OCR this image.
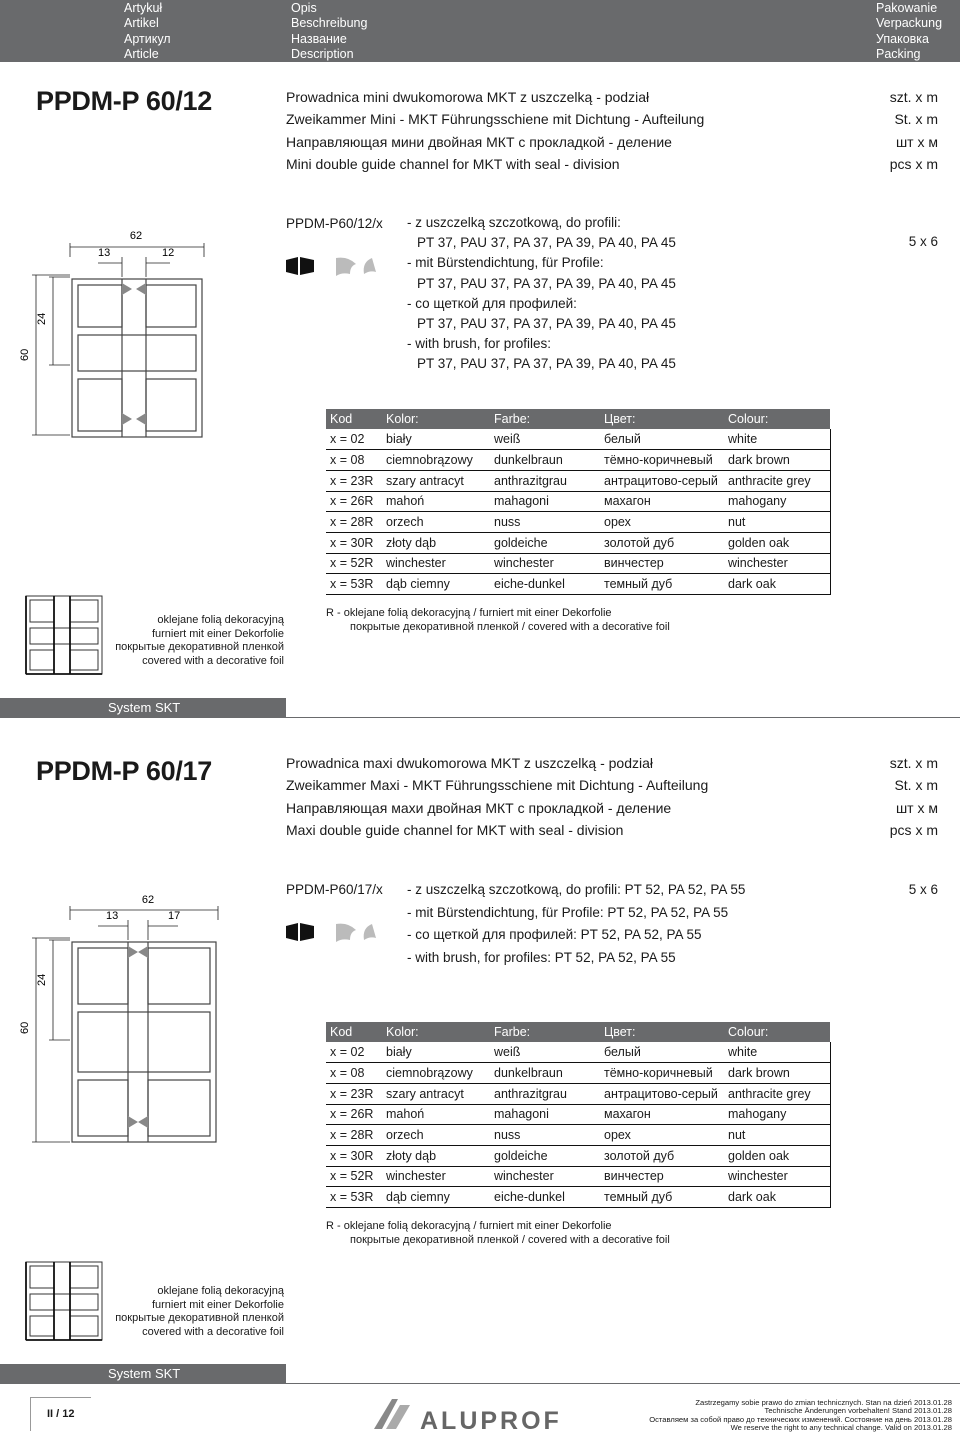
Artykuł
Artikel
Артикул
Article
Opis
Beschreibung
Название
Description
Pakowanie
Verpackung
Упаковка
Packing
PPDM-P 60/12	Prowadnica mini dwukomorowa MKT z uszczelką - podział
Zweikammer Mini - MKT Führungsschiene mit Dichtung - Aufteilung
Направляющая мини двойная МКТ с прокладкой - деление
Mini double guide channel for MKT with seal - division
szt. x m
St. x m
шт x м
pcs x m
62
13	12
60
24
PPDM-P60/12/x - z uszczelką szczotkową, do profili:
PT 37, PAU 37, PA 37, PA 39, PA 40, PA 45
- mit Bürstendichtung, für Profile:
PT 37, PAU 37, PA 37, PA 39, PA 40, PA 45
- со щеткой для профилей:
PT 37, PAU 37, PA 37, PA 39, PA 40, PA 45
- with brush, for profiles:
PT 37, PAU 37, PA 37, PA 39, PA 40, PA 45
5 x 6
Kod	Kolor:	Farbe:	Цвет:	Colour:
x = 02	biały	weiß	белый	white
x = 08	ciemnobrązowy	dunkelbraun	тёмно-коричневый	dark brown
x = 23R	szary antracyt	anthrazitgrau	антрацитово-серый	anthracite grey
x = 26R	mahoń	mahagoni	махагон	mahogany
x = 28R	orzech	nuss	орех	nut
x = 30R	złoty dąb	goldeiche	золотой дуб	golden oak
x = 52R	winchester	winchester	винчестер	winchester
x = 53R	dąb ciemny	eiche-dunkel	темный дуб	dark oak
R - oklejane folią dekoracyjną / furniert mit einer Dekorfolie
покрытые декоративной пленкой / covered with a decorative foil
oklejane folią dekoracyjną
furniert mit einer Dekorfolie
покрытые декоративной пленкой
covered with a decorative foil
System SKT
PPDM-P 60/17	Prowadnica maxi dwukomorowa MKT z uszczelką - podział
Zweikammer Maxi - MKT Führungsschiene mit Dichtung - Aufteilung
Направляющая махи двойная МКТ с прокладкой - деление
Maxi double guide channel for MKT with seal - division
szt. x m
St. x m
шт x м
pcs x m
62
13	17
60
24
PPDM-P60/17/x - z uszczelką szczotkową, do profili: PT 52, PA 52, PA 55
- mit Bürstendichtung, für Profile: PT 52, PA 52, PA 55
- со щеткой для профилей: PT 52, PA 52, PA 55
- with brush, for profiles: PT 52, PA 52, PA 55
5 x 6
Kod	Kolor:	Farbe:	Цвет:	Colour:
x = 02	biały	weiß	белый	white
x = 08	ciemnobrązowy	dunkelbraun	тёмно-коричневый	dark brown
x = 23R	szary antracyt	anthrazitgrau	антрацитово-серый	anthracite grey
x = 26R	mahoń	mahagoni	махагон	mahogany
x = 28R	orzech	nuss	орех	nut
x = 30R	złoty dąb	goldeiche	золотой дуб	golden oak
x = 52R	winchester	winchester	винчестер	winchester
x = 53R	dąb ciemny	eiche-dunkel	темный дуб	dark oak
R - oklejane folią dekoracyjną / furniert mit einer Dekorfolie
покрытые декоративной пленкой / covered with a decorative foil
oklejane folią dekoracyjną
furniert mit einer Dekorfolie
покрытые декоративной пленкой
covered with a decorative foil
System SKT
II / 12	ALUPROF
Zastrzegamy sobie prawo do zmian technicznych. Stan na dzień 2013.01.28
Technische Änderungen vorbehalten! Stand 2013.01.28
Оставляем за собой право до технических изменений. Состояние на день 2013.01.28
We reserve the right to any technical change. Valid on 2013.01.28
